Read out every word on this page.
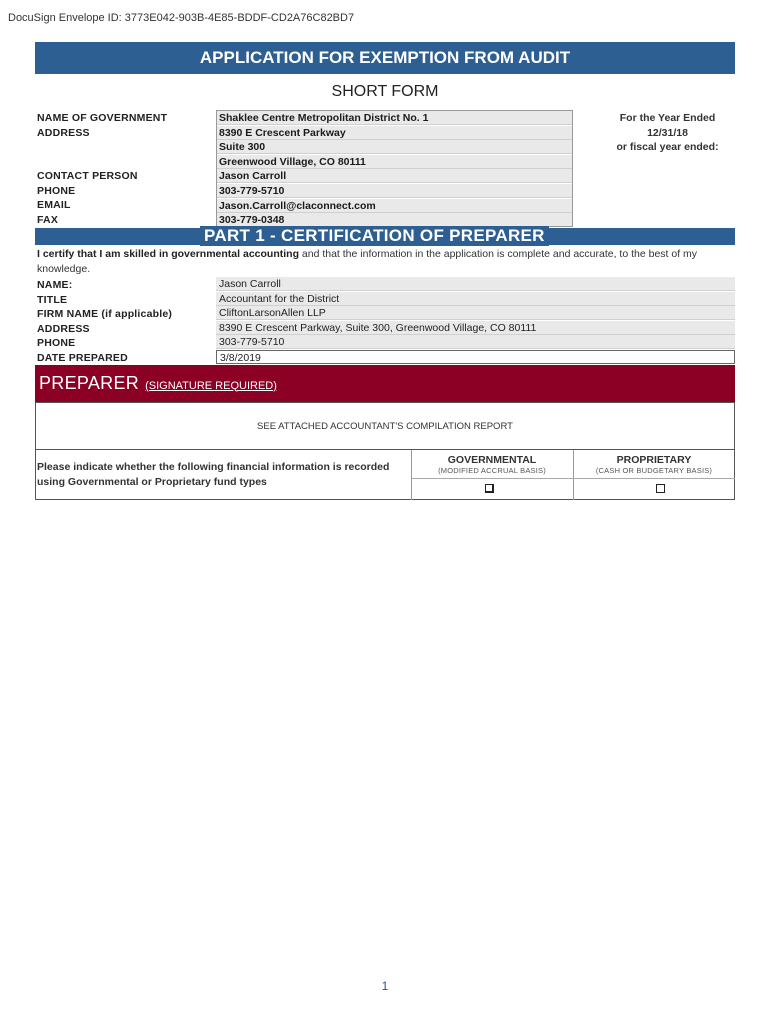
DocuSign Envelope ID: 3773E042-903B-4E85-BDDF-CD2A76C82BD7
APPLICATION FOR EXEMPTION FROM AUDIT
SHORT FORM
NAME OF GOVERNMENT
ADDRESS
CONTACT PERSON
PHONE
EMAIL
FAX
Shaklee Centre Metropolitan District No. 1
8390 E Crescent Parkway
Suite 300
Greenwood Village, CO 80111
Jason Carroll
303-779-5710
Jason.Carroll@claconnect.com
303-779-0348
For the Year Ended
12/31/18
or fiscal year ended:
PART 1 - CERTIFICATION OF PREPARER
I certify that I am skilled in governmental accounting and that the information in the application is complete and accurate, to the best of my knowledge.
NAME:
TITLE
FIRM NAME (if applicable)
ADDRESS
PHONE
DATE PREPARED
Jason Carroll
Accountant for the District
CliftonLarsonAllen LLP
8390 E Crescent Parkway, Suite 300, Greenwood Village, CO 80111
303-779-5710
3/8/2019
PREPARER (SIGNATURE REQUIRED)
SEE ATTACHED ACCOUNTANT'S COMPILATION REPORT
Please indicate whether the following financial information is recorded using Governmental or Proprietary fund types
GOVERNMENTAL
(MODIFIED ACCRUAL BASIS)
PROPRIETARY
(CASH OR BUDGETARY BASIS)
1
